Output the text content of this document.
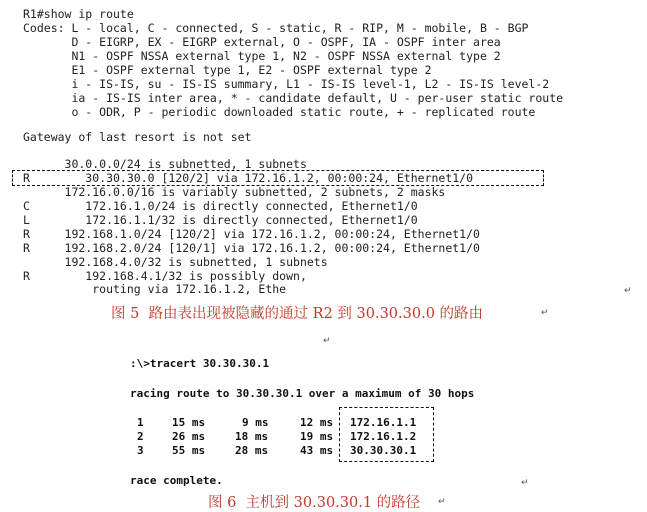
R1#show ip route
Codes: L - local, C - connected, S - static, R - RIP, M - mobile, B - BGP
D - EIGRP, EX - EIGRP external, O - OSPF, IA - OSPF inter area
N1 - OSPF NSSA external type 1, N2 - OSPF NSSA external type 2
E1 - OSPF external type 1, E2 - OSPF external type 2
i - IS-IS, su - IS-IS summary, L1 - IS-IS level-1, L2 - IS-IS level-2
ia - IS-IS inter area, * - candidate default, U - per-user static route
o - ODR, P - periodic downloaded static route, + - replicated route
Gateway of last resort is not set
30.0.0.0/24 is subnetted, 1 subnets
R        30.30.30.0 [120/2] via 172.16.1.2, 00:00:24, Ethernet1/0
172.16.0.0/16 is variably subnetted, 2 subnets, 2 masks
C        172.16.1.0/24 is directly connected, Ethernet1/0
L        172.16.1.1/32 is directly connected, Ethernet1/0
R     192.168.1.0/24 [120/2] via 172.16.1.2, 00:00:24, Ethernet1/0
R     192.168.2.0/24 [120/1] via 172.16.1.2, 00:00:24, Ethernet1/0
192.168.4.0/32 is subnetted, 1 subnets
R        192.168.4.1/32 is possibly down,
routing via 172.16.1.2, Ethe	↵
图 5  路由表出现被隐藏的通过 R2 到 30.30.30.0 的路由	↵
↵
:\>tracert 30.30.30.1
racing route to 30.30.30.1 over a maximum of 30 hops
1	15 ms	9 ms	12 ms 172.16.1.1
2	26 ms	18 ms	19 ms 172.16.1.2
3	55 ms	28 ms	43 ms 30.30.30.1
race complete.	↵
图 6  主机到 30.30.30.1 的路径 ↵
